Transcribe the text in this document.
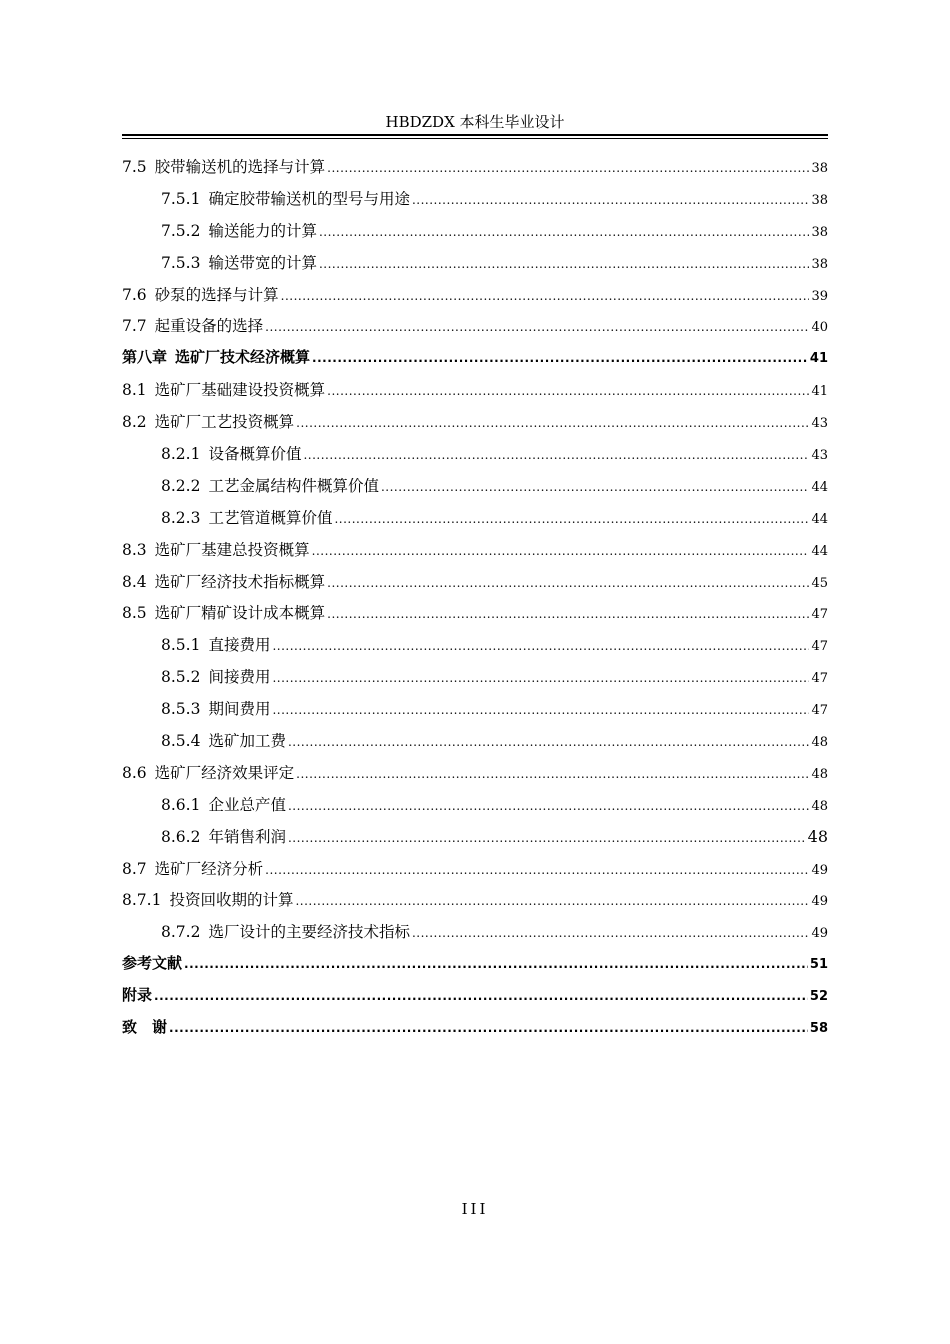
HBDZDX 本科生毕业设计
7.5 胶带输送机的选择与计算 .....	38
7.5.1 确定胶带输送机的型号与用途 .....	38
7.5.2 输送能力的计算 .....	38
7.5.3 输送带宽的计算 .....	38
7.6 砂泵的选择与计算 .....	39
7.7 起重设备的选择 .....	40
第八章 选矿厂技术经济概算 .....	41
8.1 选矿厂基础建设投资概算 .....	41
8.2 选矿厂工艺投资概算 .....	43
8.2.1 设备概算价值 .....	43
8.2.2 工艺金属结构件概算价值 .....	44
8.2.3 工艺管道概算价值 .....	44
8.3 选矿厂基建总投资概算 .....	44
8.4 选矿厂经济技术指标概算 .....	45
8.5 选矿厂精矿设计成本概算 .....	47
8.5.1 直接费用 .....	47
8.5.2 间接费用 .....	47
8.5.3 期间费用 .....	47
8.5.4 选矿加工费 .....	48
8.6 选矿厂经济效果评定 .....	48
8.6.1 企业总产值 .....	48
8.6.2 年销售利润 .....	48
8.7 选矿厂经济分析 .....	49
8.7.1 投资回收期的计算 .....	49
8.7.2 选厂设计的主要经济技术指标 .....	49
参考文献 .....	51
附录 .....	52
致　谢 .....	58
III
